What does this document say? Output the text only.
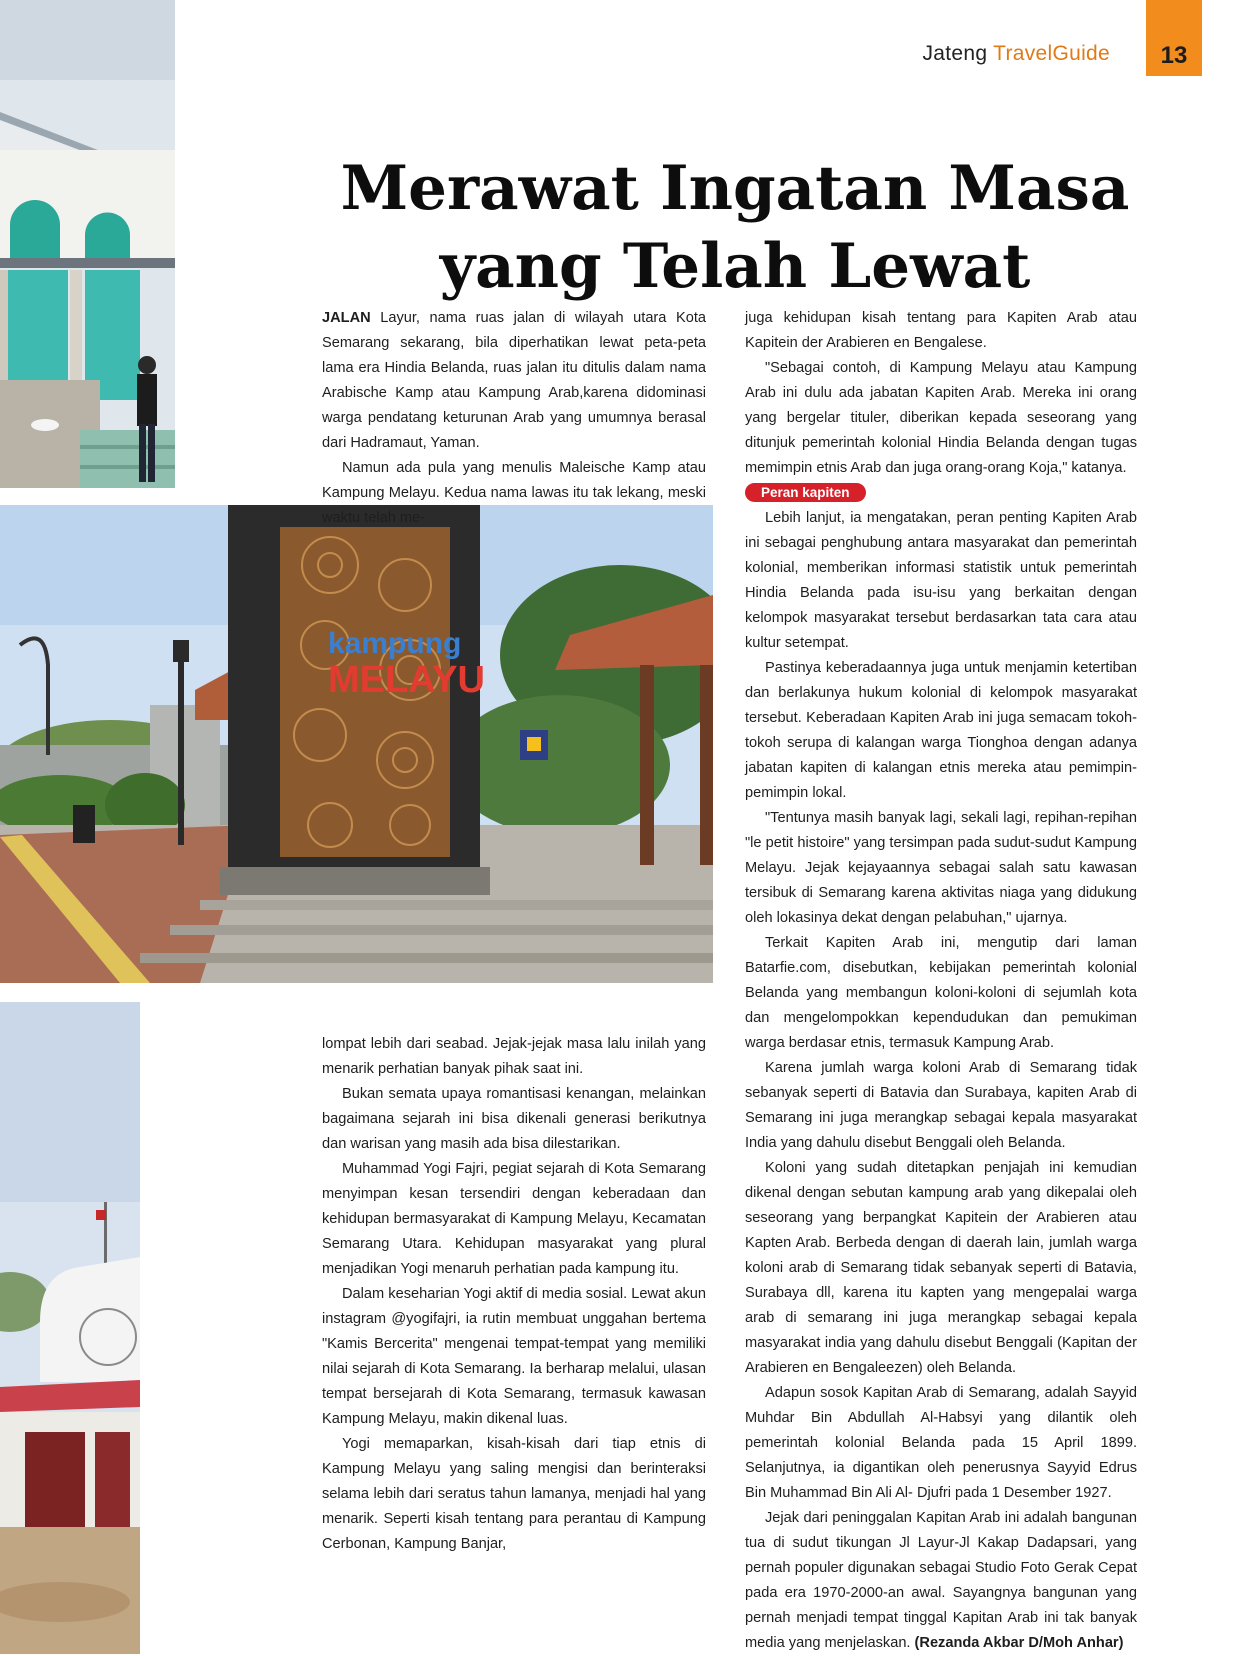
Jateng TravelGuide	13
Merawat Ingatan Masa
yang Telah Lewat
kampung
MELAYU

JALAN Layur, nama ruas jalan di wilayah utara Kota Semarang sekarang, bila diperhatikan lewat peta-peta lama era Hindia Belanda, ruas jalan itu ditulis dalam nama Arabische Kamp atau Kampung Arab,karena didominasi warga pendatang keturunan Arab yang umumnya berasal dari Hadramaut, Yaman.

Namun ada pula yang menulis Maleische Kamp atau Kampung Melayu. Kedua nama lawas itu tak lekang, meski waktu telah me-

lompat lebih dari seabad. Jejak-jejak masa lalu inilah yang menarik perhatian banyak pihak saat ini.

Bukan semata upaya romantisasi kenangan, melainkan bagaimana sejarah ini bisa dikenali generasi berikutnya dan warisan yang masih ada bisa dilestarikan.

Muhammad Yogi Fajri, pegiat sejarah di Kota Semarang menyimpan kesan tersendiri dengan keberadaan dan kehidupan bermasyarakat di Kampung Melayu, Kecamatan Semarang Utara. Kehidupan masyarakat yang plural menjadikan Yogi menaruh perhatian pada kampung itu.

Dalam keseharian Yogi aktif di media sosial. Lewat akun instagram @yogifajri, ia rutin membuat unggahan bertema "Kamis Bercerita" mengenai tempat-tempat yang memiliki nilai sejarah di Kota Semarang. Ia berharap melalui, ulasan tempat bersejarah di Kota Semarang, termasuk kawasan Kampung Melayu, makin dikenal luas.

Yogi memaparkan, kisah-kisah dari tiap etnis di Kampung Melayu yang saling mengisi dan berinteraksi selama lebih dari seratus tahun lamanya, menjadi hal yang menarik. Seperti kisah tentang para perantau di Kampung Cerbonan, Kampung Banjar,

juga kehidupan kisah tentang para Kapiten Arab atau Kapitein der Arabieren en Bengalese.

"Sebagai contoh, di Kampung Melayu atau Kampung Arab ini dulu ada jabatan Kapiten Arab. Mereka ini orang yang bergelar tituler, diberikan kepada seseorang yang ditunjuk pemerintah kolonial Hindia Belanda dengan tugas memimpin etnis Arab dan juga orang-orang Koja," katanya.

Peran kapiten

Lebih lanjut, ia mengatakan, peran penting Kapiten Arab ini sebagai penghubung antara masyarakat dan pemerintah kolonial, memberikan informasi statistik untuk pemerintah Hindia Belanda pada isu-isu yang berkaitan dengan kelompok masyarakat tersebut berdasarkan tata cara atau kultur setempat.

Pastinya keberadaannya juga untuk menjamin ketertiban dan berlakunya hukum kolonial di kelompok masyarakat tersebut. Keberadaan Kapiten Arab ini juga semacam tokoh-tokoh serupa di kalangan warga Tionghoa dengan adanya jabatan kapiten di kalangan etnis mereka atau pemimpin-pemimpin lokal.

"Tentunya masih banyak lagi, sekali lagi, repihan-repihan "le petit histoire" yang tersimpan pada sudut-sudut Kampung Melayu. Jejak kejayaannya sebagai salah satu kawasan tersibuk di Semarang karena aktivitas niaga yang didukung oleh lokasinya dekat dengan pelabuhan," ujarnya.

Terkait Kapiten Arab ini, mengutip dari laman Batarfie.com, disebutkan, kebijakan pemerintah kolonial Belanda yang membangun koloni-koloni di sejumlah kota dan mengelompokkan kependudukan dan pemukiman warga berdasar etnis, termasuk Kampung Arab.

Karena jumlah warga koloni Arab di Semarang tidak sebanyak seperti di Batavia dan Surabaya, kapiten Arab di Semarang ini juga merangkap sebagai kepala masyarakat India yang dahulu disebut Benggali oleh Belanda.

Koloni yang sudah ditetapkan penjajah ini kemudian dikenal dengan sebutan kampung arab yang dikepalai oleh seseorang yang berpangkat Kapitein der Arabieren atau Kapten Arab. Berbeda dengan di daerah lain, jumlah warga koloni arab di Semarang tidak sebanyak seperti di Batavia, Surabaya dll, karena itu kapten yang mengepalai warga arab di semarang ini juga merangkap sebagai kepala masyarakat india yang dahulu disebut Benggali (Kapitan der Arabieren en Bengaleezen) oleh Belanda.

Adapun sosok Kapitan Arab di Semarang, adalah Sayyid Muhdar Bin Abdullah Al-Habsyi yang dilantik oleh pemerintah kolonial Belanda pada 15 April 1899. Selanjutnya, ia digantikan oleh penerusnya Sayyid Edrus Bin Muhammad Bin Ali Al- Djufri pada 1 Desember 1927.

Jejak dari peninggalan Kapitan Arab ini adalah bangunan tua di sudut tikungan Jl Layur-Jl Kakap Dadapsari, yang pernah populer digunakan sebagai Studio Foto Gerak Cepat pada era 1970-2000-an awal. Sayangnya bangunan yang pernah menjadi tempat tinggal Kapitan Arab ini tak banyak media yang menjelaskan. (Rezanda Akbar D/Moh Anhar)
